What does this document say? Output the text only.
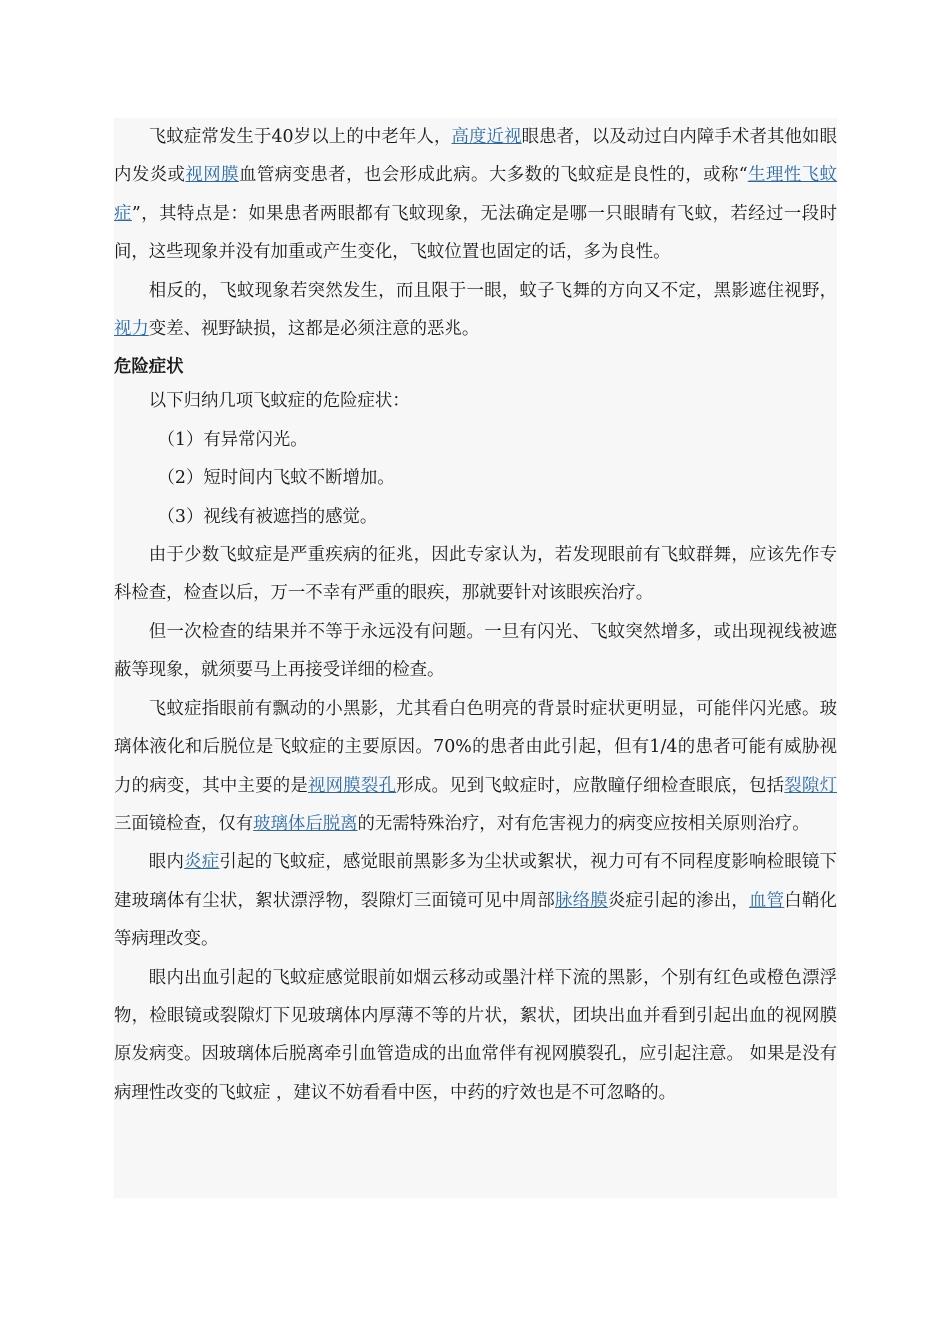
飞蚊症常发生于40岁以上的中老年人，高度近视眼患者，以及动过白内障手术者其他如眼内发炎或视网膜血管病变患者，也会形成此病。大多数的飞蚊症是良性的，或称“生理性飞蚊症”，其特点是：如果患者两眼都有飞蚊现象，无法确定是哪一只眼睛有飞蚊，若经过一段时间，这些现象并没有加重或产生变化，飞蚊位置也固定的话，多为良性。

相反的，飞蚊现象若突然发生，而且限于一眼，蚊子飞舞的方向又不定，黑影遮住视野，视力变差、视野缺损，这都是必须注意的恶兆。

危险症状

以下归纳几项飞蚊症的危险症状：

（1）有异常闪光。

（2）短时间内飞蚊不断增加。

（3）视线有被遮挡的感觉。

由于少数飞蚊症是严重疾病的征兆，因此专家认为，若发现眼前有飞蚊群舞，应该先作专科检查，检查以后，万一不幸有严重的眼疾，那就要针对该眼疾治疗。

但一次检查的结果并不等于永远没有问题。一旦有闪光、飞蚊突然增多，或出现视线被遮蔽等现象，就须要马上再接受详细的检查。

飞蚊症指眼前有飘动的小黑影，尤其看白色明亮的背景时症状更明显，可能伴闪光感。玻璃体液化和后脱位是飞蚊症的主要原因。70%的患者由此引起，但有1/4的患者可能有威胁视力的病变，其中主要的是视网膜裂孔形成。见到飞蚊症时，应散瞳仔细检查眼底，包括裂隙灯三面镜检查，仅有玻璃体后脱离的无需特殊治疗，对有危害视力的病变应按相关原则治疗。

眼内炎症引起的飞蚊症，感觉眼前黑影多为尘状或絮状，视力可有不同程度影响检眼镜下建玻璃体有尘状，絮状漂浮物，裂隙灯三面镜可见中周部脉络膜炎症引起的渗出，血管白鞘化等病理改变。

眼内出血引起的飞蚊症感觉眼前如烟云移动或墨汁样下流的黑影，个别有红色或橙色漂浮物，检眼镜或裂隙灯下见玻璃体内厚薄不等的片状，絮状，团块出血并看到引起出血的视网膜原发病变。因玻璃体后脱离牵引血管造成的出血常伴有视网膜裂孔，应引起注意。 如果是没有病理性改变的飞蚊症 ，建议不妨看看中医，中药的疗效也是不可忽略的。
